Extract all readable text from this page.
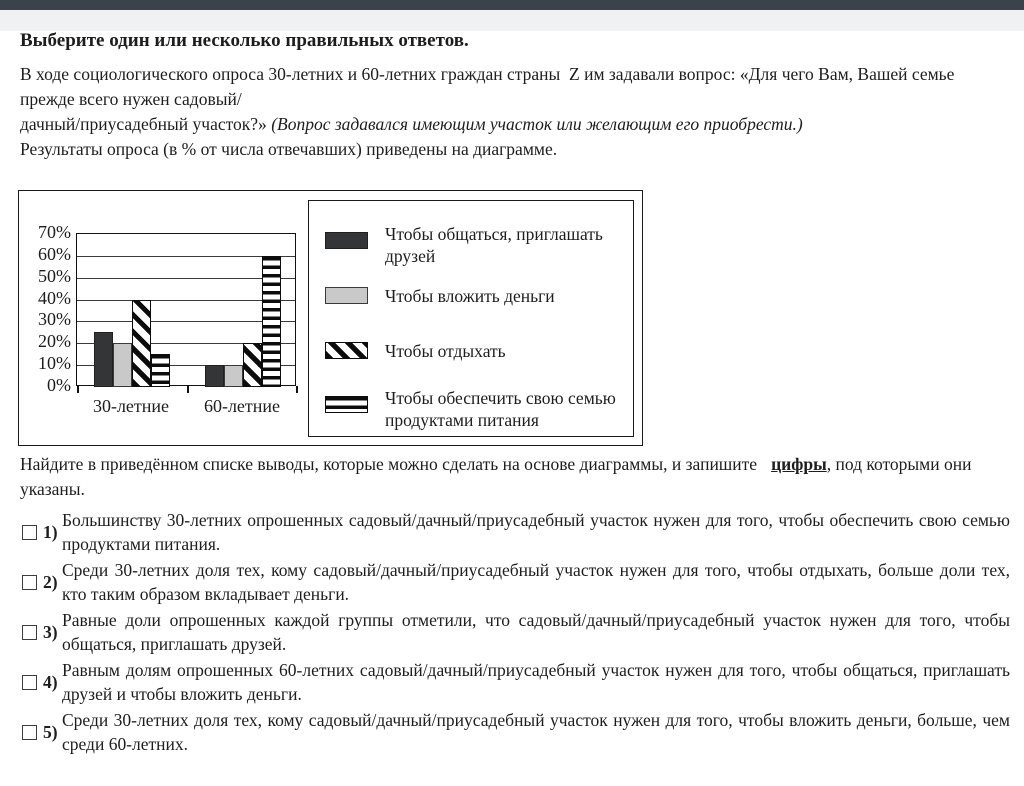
Выберите один или несколько правильных ответов.
В ходе социологического опроса 30-летних и 60-летних граждан страны  Z им задавали вопрос: «Для чего Вам, Вашей семье
прежде всего нужен садовый/
дачный/приусадебный участок?» (Вопрос задавался имеющим участок или желающим его приобрести.)
Результаты опроса (в % от числа отвечавших) приведены на диаграмме.
0%
10%
20%
30%
40%
50%
60%
70%
30-летние	60-летние
Чтобы общаться, приглашать друзей
Чтобы вложить деньги
Чтобы отдыхать
Чтобы обеспечить свою семью продуктами питания
Найдите в приведённом списке выводы, которые можно сделать на основе диаграммы, и запишите цифры, под которыми они указаны.
1)
Большинству 30-летних опрошенных садовый/дачный/приусадебный участок нужен для того, чтобы обеспечить свою семью продуктами питания.
2)
Среди 30-летних доля тех, кому садовый/дачный/приусадебный участок нужен для того, чтобы отдыхать, больше доли тех, кто таким образом вкладывает деньги.
3)
Равные доли опрошенных каждой группы отметили, что садовый/дачный/приусадебный участок нужен для того, чтобы общаться, приглашать друзей.
4)
Равным долям опрошенных 60-летних садовый/дачный/приусадебный участок нужен для того, чтобы общаться, приглашать друзей и чтобы вложить деньги.
5)
Среди 30-летних доля тех, кому садовый/дачный/приусадебный участок нужен для того, чтобы вложить деньги, больше, чем среди 60-летних.
